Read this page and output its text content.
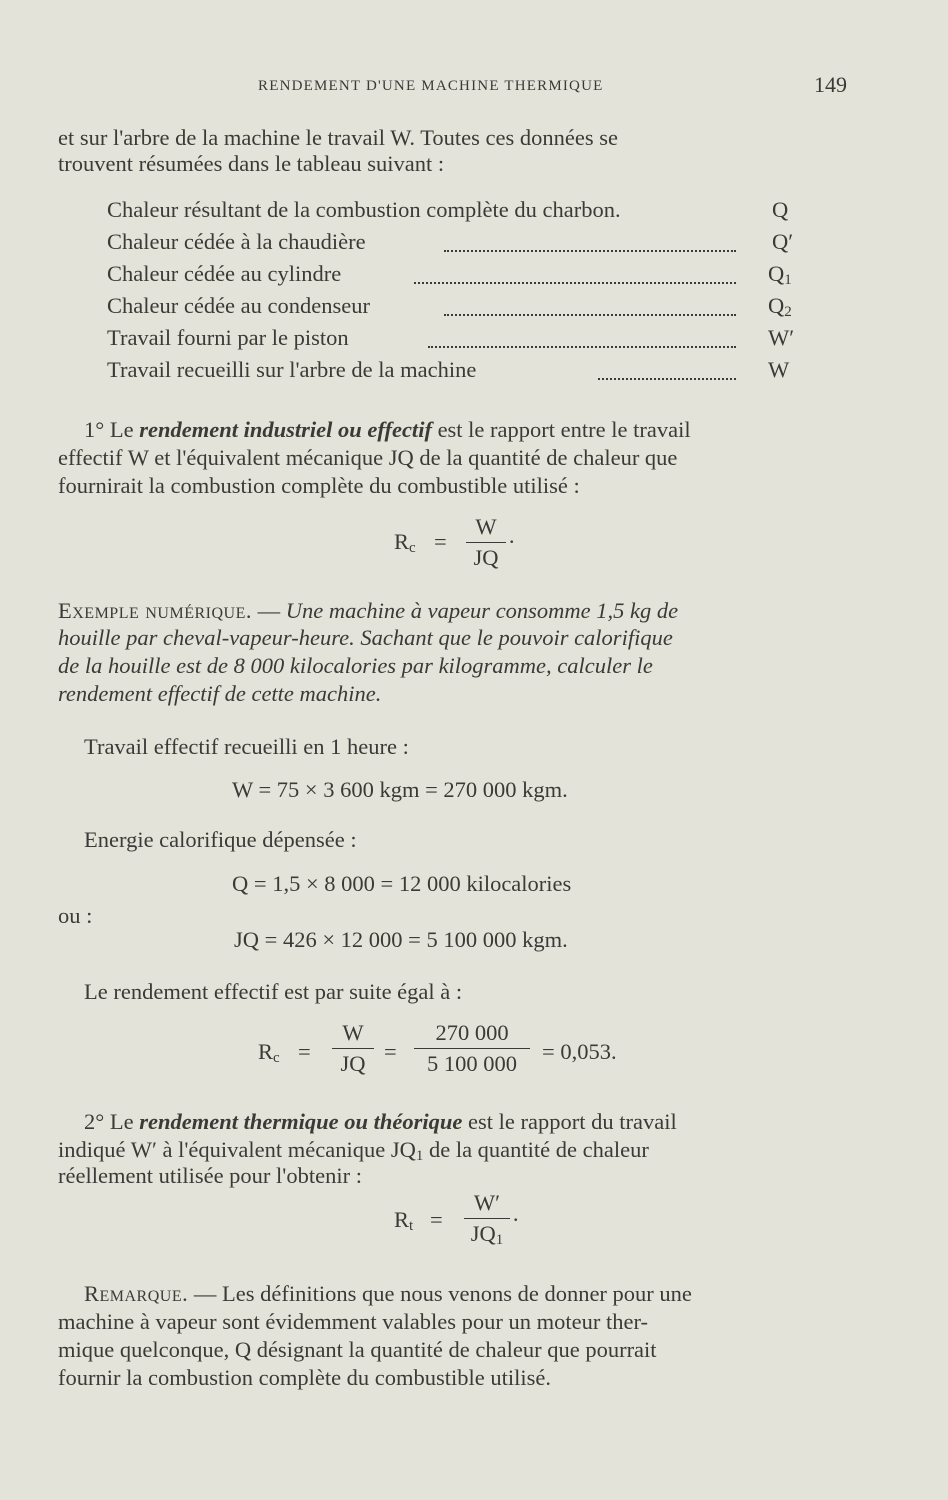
RENDEMENT D'UNE MACHINE THERMIQUE	149
et sur l'arbre de la machine le travail W. Toutes ces données se
trouvent résumées dans le tableau suivant :
Chaleur résultant de la combustion complète du charbon.	Q
Chaleur cédée à la chaudière	Q′
Chaleur cédée au cylindre	$Q_1$
Chaleur cédée au condenseur	$Q_2$
Travail fourni par le piston	W′
Travail recueilli sur l'arbre de la machine	W
1° Le rendement industriel ou effectif est le rapport entre le travail
effectif W et l'équivalent mécanique JQ de la quantité de chaleur que
fournirait la combustion complète du combustible utilisé :
$R_c$ =
W
JQ
·
Exemple numérique. — Une machine à vapeur consomme 1,5 kg de
houille par cheval-vapeur-heure. Sachant que le pouvoir calorifique
de la houille est de 8 000 kilocalories par kilogramme, calculer le
rendement effectif de cette machine.
Travail effectif recueilli en 1 heure :
W = 75 × 3 600 kgm = 270 000 kgm.
Energie calorifique dépensée :
Q = 1,5 × 8 000 = 12 000 kilocalories
ou :
JQ = 426 × 12 000 = 5 100 000 kgm.
Le rendement effectif est par suite égal à :
$R_c$ =
W
JQ =
270 000
5 100 000	= 0,053.
2° Le rendement thermique ou théorique est le rapport du travail
indiqué W′ à l'équivalent mécanique $JQ_1$ de la quantité de chaleur
réellement utilisée pour l'obtenir :
$R_t$ =
W′
$JQ_1$
·
Remarque. — Les définitions que nous venons de donner pour une
machine à vapeur sont évidemment valables pour un moteur ther-
mique quelconque, Q désignant la quantité de chaleur que pourrait
fournir la combustion complète du combustible utilisé.
